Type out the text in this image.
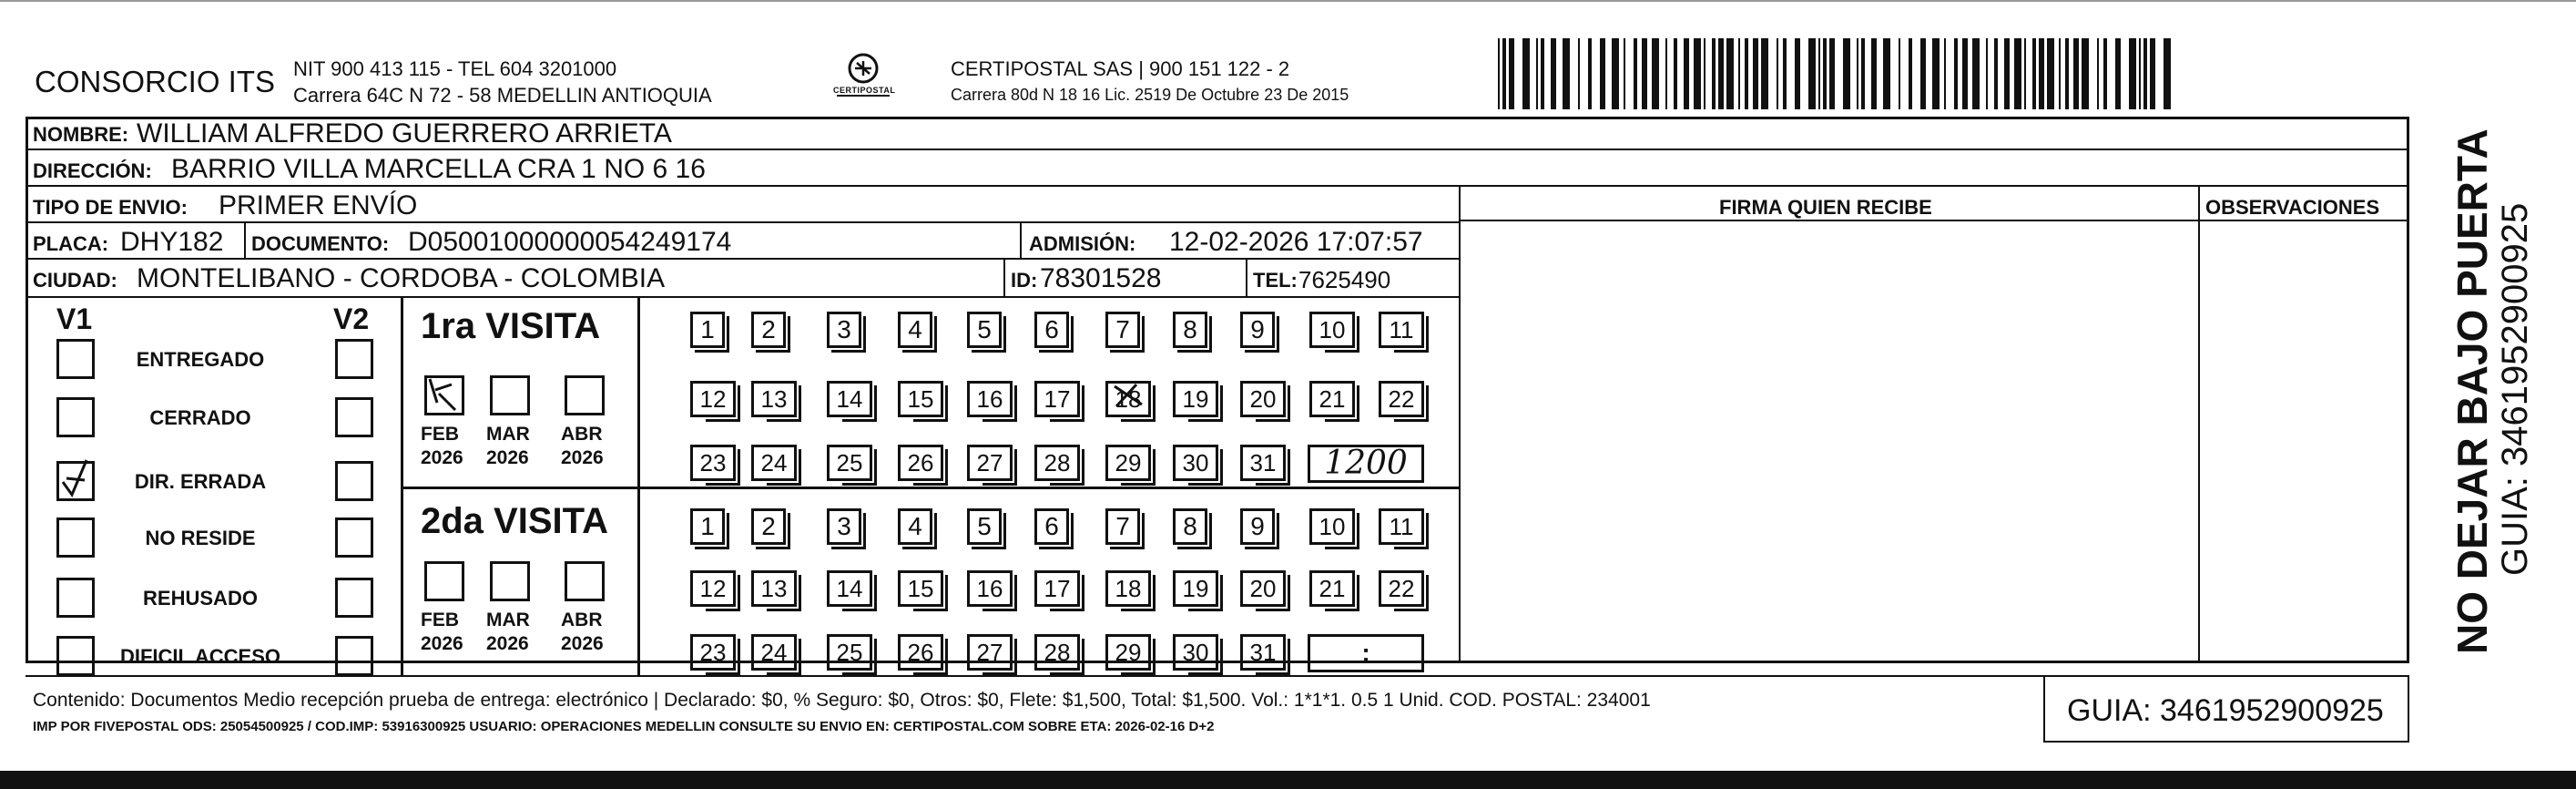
CONSORCIO ITS NIT 900 413 115 - TEL 604 3201000
Carrera 64C N 72 - 58 MEDELLIN ANTIOQUIA	CERTIPOSTAL
CERTIPOSTAL SAS | 900 151 122 - 2
Carrera 80d N 18 16 Lic. 2519 De Octubre 23 De 2015
NOMBRE: WILLIAM ALFREDO GUERRERO ARRIETA
DIRECCIÓN: BARRIO VILLA MARCELLA CRA 1 NO 6 16
TIPO DE ENVIO: PRIMER ENVÍO	FIRMA QUIEN RECIBE	OBSERVACIONES
PLACA: DHY182 DOCUMENTO: D05001000000054249174	ADMISIÓN: 12-02-2026 17:07:57
CIUDAD: MONTELIBANO - CORDOBA - COLOMBIA	ID: 78301528	TEL: 7625490
V1	V2
ENTREGADO
CERRADO
DIR. ERRADA
NO RESIDE
REHUSADO
DIFICIL ACCESO
1ra VISITA
2da VISITA
FEB
2026
MAR
2026
ABR
2026
FEB
2026
MAR
2026
ABR
2026
1	2	3	4	5	6	7	8	9	10	11
12	13	14	15	16	17	18	19	20	21	22
23	24	25	26	27	28	29	30	31	1200
1	2	3	4	5	6	7	8	9	10	11
12	13	14	15	16	17	18	19	20	21	22
23	24	25	26	27	28	29	30	31	:
Contenido: Documentos Medio recepción prueba de entrega: electrónico | Declarado: $0, % Seguro: $0, Otros: $0, Flete: $1,500, Total: $1,500. Vol.: 1*1*1. 0.5 1 Unid. COD. POSTAL: 234001
IMP POR FIVEPOSTAL ODS: 25054500925 / COD.IMP: 53916300925 USUARIO: OPERACIONES MEDELLIN CONSULTE SU ENVIO EN: CERTIPOSTAL.COM SOBRE ETA: 2026-02-16 D+2	GUIA: 3461952900925
NO DEJAR BAJO PUERTA GUIA: 3461952900925
